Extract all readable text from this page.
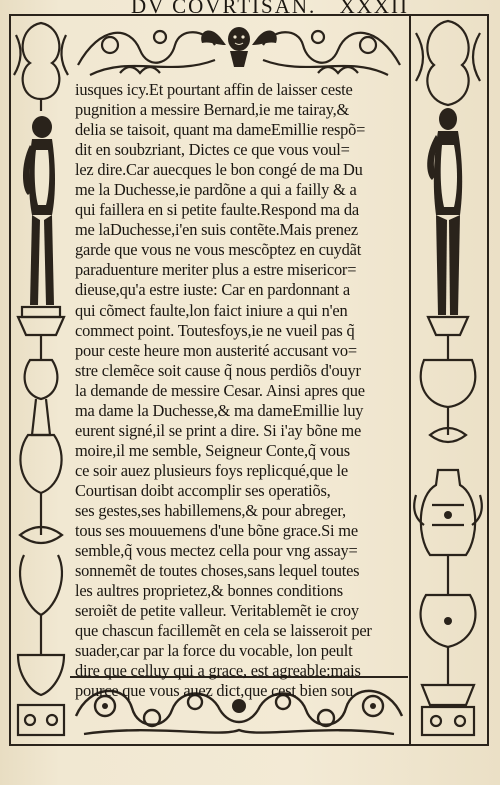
DV COVRTISAN. XXXII
iusques icy.Et pourtant affin de laisser ceste
pugnition a messire Bernard,ie me tairay,&
delia se taisoit, quant ma dameEmillie respõ=
dit en soubzriant, Dictes ce que vous voul=
lez dire.Car auecques le bon congé de ma Du
me la Duchesse,ie pardõne a qui a failly & a
qui faillera en si petite faulte.Respond ma da
me laDuchesse,i'en suis contẽte.Mais prenez
garde que vous ne vous mescõptez en cuydãt
paraduenture meriter plus a estre misericor=
dieuse,qu'a estre iuste: Car en pardonnant a
qui cõmect faulte,lon faict iniure a qui n'en
commect point. Toutesfoys,ie ne vueil pas q̃
pour ceste heure mon austerité accusant vo=
stre clemẽce soit cause q̃ nous perdiõs d'ouyr
la demande de messire Cesar. Ainsi apres que
ma dame la Duchesse,& ma dameEmillie luy
eurent signé,il se print a dire. Si i'ay bõne me
moire,il me semble, Seigneur Conte,q̃ vous
ce soir auez plusieurs foys replicqué,que le
Courtisan doibt accomplir ses operatiõs,
ses gestes,ses habillemens,& pour abreger,
tous ses mouuemens d'une bõne grace.Si me
semble,q̃ vous mectez cella pour vng assay=
sonnemẽt de toutes choses,sans lequel toutes
les aultres proprietez,& bonnes conditions
seroiẽt de petite valleur. Veritablemẽt ie croy
que chascun facillemẽt en cela se laisseroit per
suader,car par la force du vocable, lon peult
dire que celluy qui a grace, est agreable:mais
pource que vous auez dict,que cest bien sou
